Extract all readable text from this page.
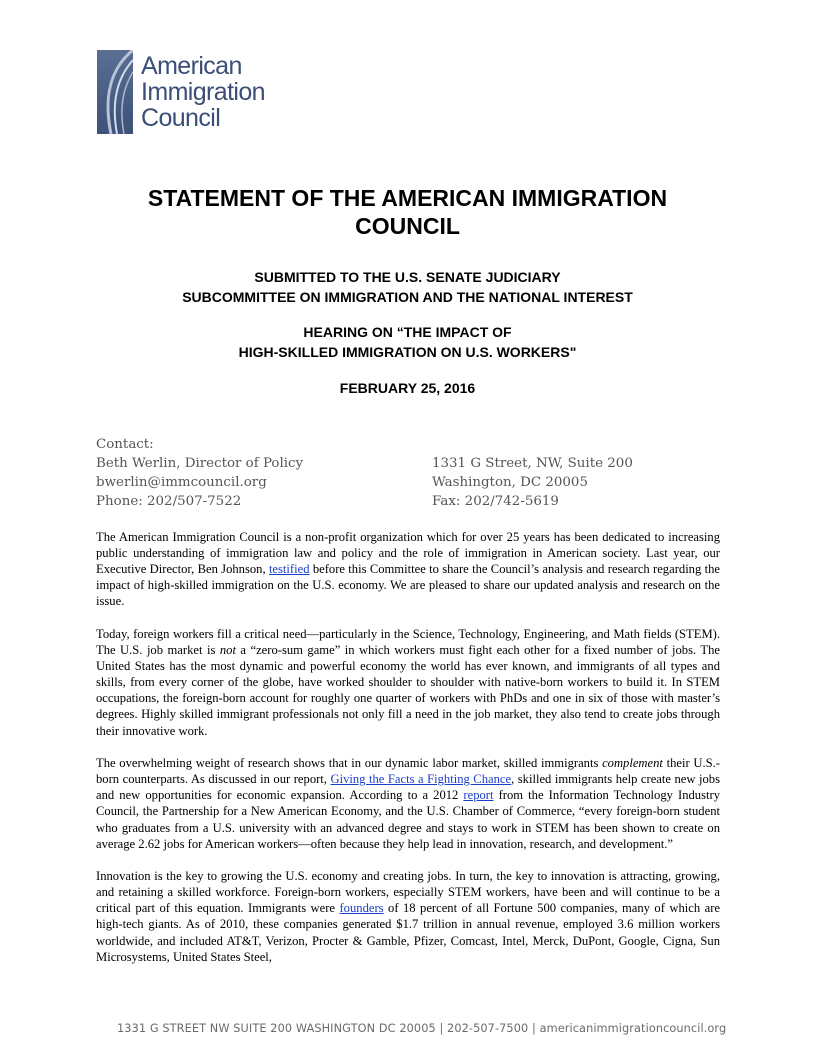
American
Immigration
Council
STATEMENT OF THE AMERICAN IMMIGRATION
COUNCIL
SUBMITTED TO THE U.S. SENATE JUDICIARY
SUBCOMMITTEE ON IMMIGRATION AND THE NATIONAL INTEREST
HEARING ON “THE IMPACT OF
HIGH-SKILLED IMMIGRATION ON U.S. WORKERS"
FEBRUARY 25, 2016
Contact:
Beth Werlin, Director of Policy
bwerlin@immcouncil.org
Phone: 202/507-7522
1331 G Street, NW, Suite 200
Washington, DC 20005
Fax: 202/742-5619

The American Immigration Council is a non-profit organization which for over 25 years has been dedicated to increasing public understanding of immigration law and policy and the role of immigration in American society. Last year, our Executive Director, Ben Johnson, testified before this Committee to share the Council’s analysis and research regarding the impact of high-skilled immigration on the U.S. economy. We are pleased to share our updated analysis and research on the issue.

Today, foreign workers fill a critical need—particularly in the Science, Technology, Engineering, and Math fields (STEM). The U.S. job market is not a “zero-sum game” in which workers must fight each other for a fixed number of jobs. The United States has the most dynamic and powerful economy the world has ever known, and immigrants of all types and skills, from every corner of the globe, have worked shoulder to shoulder with native-born workers to build it. In STEM occupations, the foreign-born account for roughly one quarter of workers with PhDs and one in six of those with master’s degrees. Highly skilled immigrant professionals not only fill a need in the job market, they also tend to create jobs through their innovative work.

The overwhelming weight of research shows that in our dynamic labor market, skilled immigrants complement their U.S.-born counterparts. As discussed in our report, Giving the Facts a Fighting Chance, skilled immigrants help create new jobs and new opportunities for economic expansion. According to a 2012 report from the Information Technology Industry Council, the Partnership for a New American Economy, and the U.S. Chamber of Commerce, “every foreign-born student who graduates from a U.S. university with an advanced degree and stays to work in STEM has been shown to create on average 2.62 jobs for American workers—often because they help lead in innovation, research, and development.”

Innovation is the key to growing the U.S. economy and creating jobs. In turn, the key to innovation is attracting, growing, and retaining a skilled workforce. Foreign-born workers, especially STEM workers, have been and will continue to be a critical part of this equation. Immigrants were founders of 18 percent of all Fortune 500 companies, many of which are high-tech giants. As of 2010, these companies generated $1.7 trillion in annual revenue, employed 3.6 million workers worldwide, and included AT&T, Verizon, Procter & Gamble, Pfizer, Comcast, Intel, Merck, DuPont, Google, Cigna, Sun Microsystems, United States Steel,

1331 G STREET NW SUITE 200 WASHINGTON DC 20005 | 202-507-7500 | americanimmigrationcouncil.org
